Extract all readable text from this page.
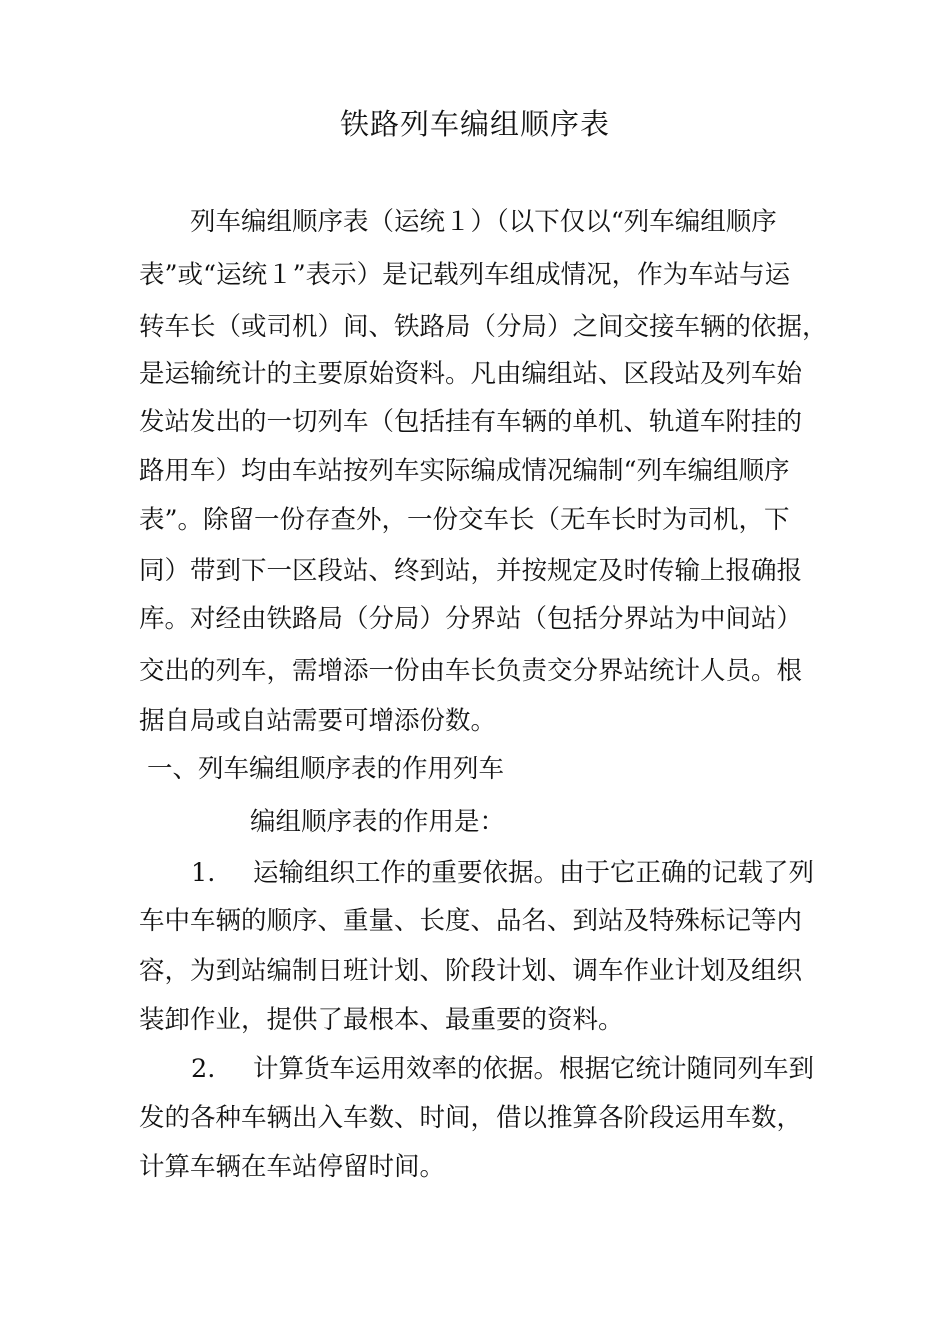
铁路列车编组顺序表
列车编组顺序表（运统１）（以下仅以“列车编组顺序
表”或“运统１”表示）是记载列车组成情况，作为车站与运
转车长（或司机）间、铁路局（分局）之间交接车辆的依据，
是运输统计的主要原始资料。凡由编组站、区段站及列车始
发站发出的一切列车（包括挂有车辆的单机、轨道车附挂的
路用车）均由车站按列车实际编成情况编制“列车编组顺序
表”。除留一份存查外，一份交车长（无车长时为司机，下
同）带到下一区段站、终到站，并按规定及时传输上报确报
库。对经由铁路局（分局）分界站（包括分界站为中间站）
交出的列车，需增添一份由车长负责交分界站统计人员。根
据自局或自站需要可增添份数。
一、列车编组顺序表的作用列车
编组顺序表的作用是：
1. 运输组织工作的重要依据。由于它正确的记载了列
车中车辆的顺序、重量、长度、品名、到站及特殊标记等内
容，为到站编制日班计划、阶段计划、调车作业计划及组织
装卸作业，提供了最根本、最重要的资料。
2. 计算货车运用效率的依据。根据它统计随同列车到
发的各种车辆出入车数、时间，借以推算各阶段运用车数，
计算车辆在车站停留时间。
